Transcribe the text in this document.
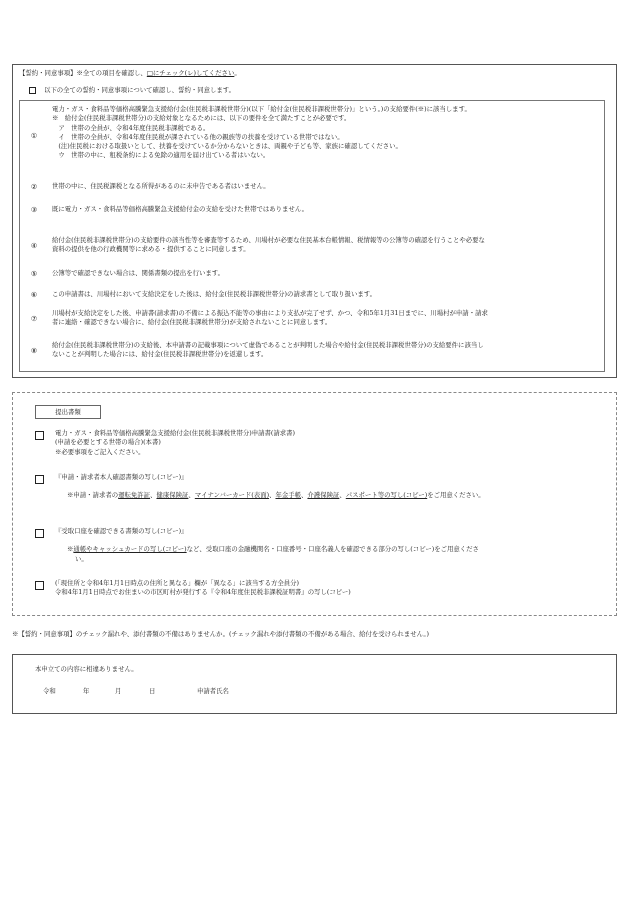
【誓約・同意事項】※全ての項目を確認し、□にチェック(レ)してください。
以下の全ての誓約・同意事項について確認し、誓約・同意します。
①
電力・ガス・食料品等価格高騰緊急支援給付金(住民税非課税世帯分)(以下「給付金(住民税非課税世帯分)」という。)の支給要件(※)に該当します。
※　給付金(住民税非課税世帯分)の支給対象となるためには、以下の要件を全て満たすことが必要です。
　ア　世帯の全員が、令和4年度住民税非課税である。
　イ　世帯の全員が、令和4年度住民税が課されている他の親族等の扶養を受けている世帯ではない。
　(注)住民税における取扱いとして、扶養を受けているか分からないときは、両親や子ども等、家族に確認してください。
　ウ　世帯の中に、租税条約による免除の適用を届け出ている者はいない。
②	世帯の中に、住民税課税となる所得があるのに未申告である者はいません。
③	既に電力・ガス・食料品等価格高騰緊急支援給付金の支給を受けた世帯ではありません。
④
給付金(住民税非課税世帯分)の支給要件の該当性等を審査等するため、川場村が必要な住民基本台帳情報、税情報等の公簿等の確認を行うことや必要な
資料の提供を他の行政機関等に求める・提供することに同意します。
⑤	公簿等で確認できない場合は、関係書類の提出を行います。
⑥	この申請書は、川場村において支給決定をした後は、給付金(住民税非課税世帯分)の請求書として取り扱います。
⑦
川場村が支給決定をした後、申請書(請求書)の不備による振込不能等の事由により支払が完了せず、かつ、令和5年1月31日までに、川場村が申請・請求
者に連絡・確認できない場合に、給付金(住民税非課税世帯分)が支給されないことに同意します。
⑧
給付金(住民税非課税世帯分)の支給後、本申請書の記載事項について虚偽であることが判明した場合や給付金(住民税非課税世帯分)の支給要件に該当し
ないことが判明した場合には、給付金(住民税非課税世帯分)を返還します。
提出書類
電力・ガス・食料品等価格高騰緊急支援給付金(住民税非課税世帯分)申請書(請求書)
(申請を必要とする世帯の場合)(本書)
※必要事項をご記入ください。
『申請・請求者本人確認書類の写し(コピー)』
※申請・請求者の運転免許証、健康保険証、マイナンバーカード(表面)、年金手帳、介護保険証、パスポート等の写し(コピー)をご用意ください。
『受取口座を確認できる書類の写し(コピー)』
※通帳やキャッシュカードの写し(コピー)など、受取口座の金融機関名・口座番号・口座名義人を確認できる部分の写し(コピー)をご用意くださ
い。
(「現住所と令和4年1月1日時点の住所と異なる」欄が「異なる」に該当する方全員分)
令和4年1月1日時点でお住まいの市区町村が発行する『令和4年度住民税非課税証明書』の写し(コピー)
※【誓約・同意事項】のチェック漏れや、添付書類の不備はありませんか。(チェック漏れや添付書類の不備がある場合、給付を受けられません。)
本申立ての内容に相違ありません。
令和	年	月	日	申請者氏名
